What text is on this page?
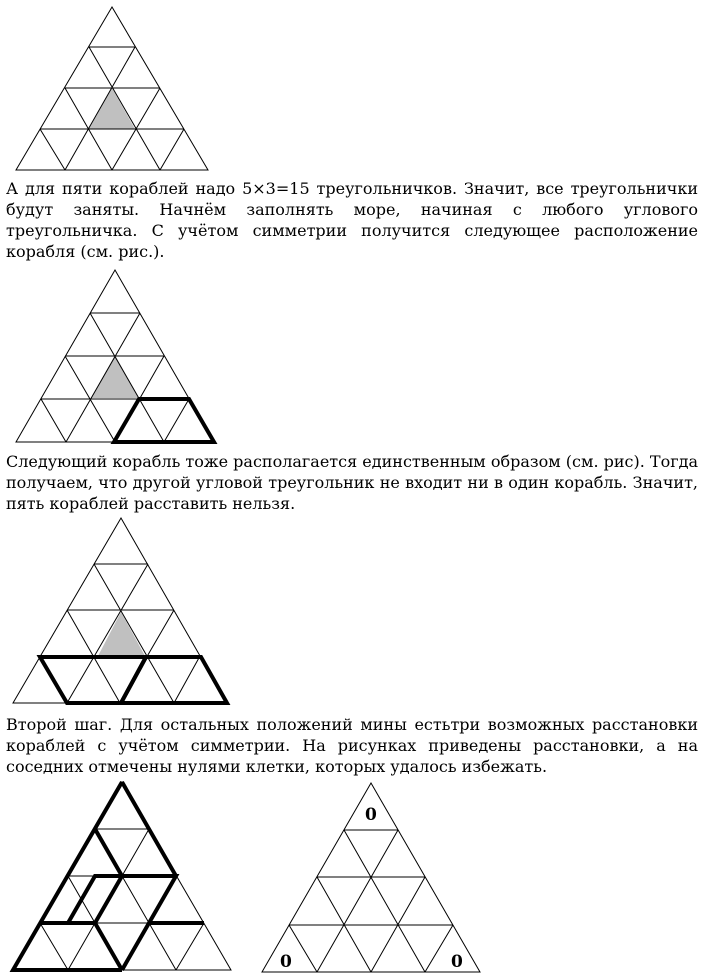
0
0	0
А для пяти кораблей надо 5×3=15 треугольничков. Значит, все треугольнички будут заняты. Начнём заполнять море, начиная с любого углового треугольничка. С учётом симметрии получится следующее расположение корабля (см. рис.).
Следующий корабль тоже располагается единственным образом (см. рис). Тогда получаем, что другой угловой треугольник не входит ни в один корабль. Значит, пять кораблей расставить нельзя.
Второй шаг. Для остальных положений мины естьтри возможных расстановки кораблей с учётом симметрии. На рисунках приведены расстановки, а на соседних отмечены нулями клетки, которых удалось избежать.
